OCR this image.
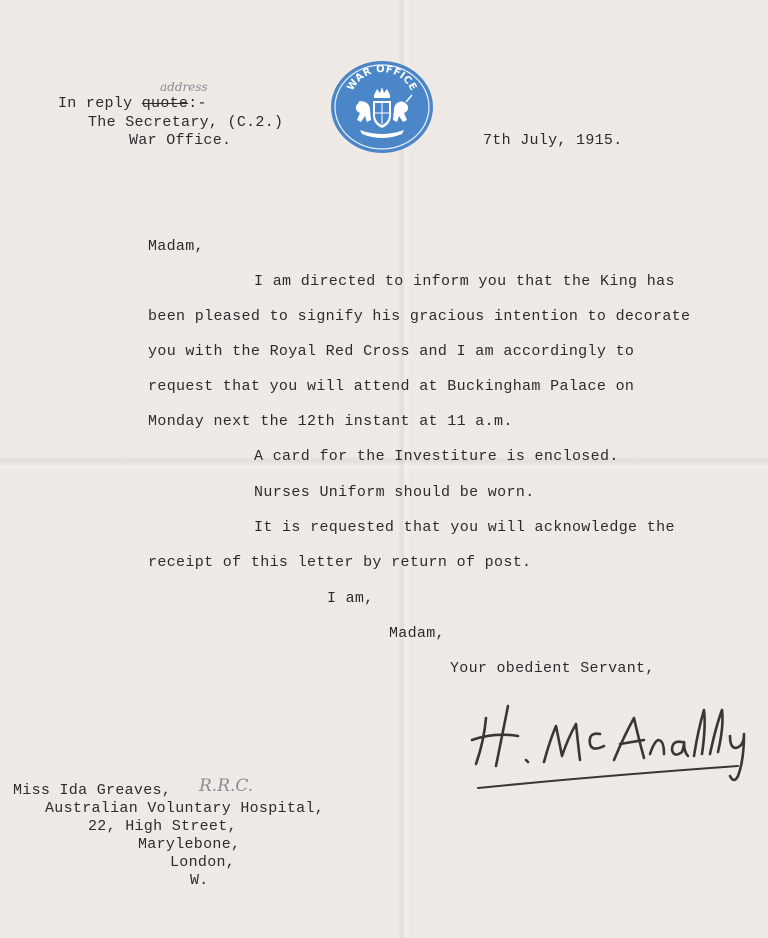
In reply quote:-
address
The Secretary, (C.2.)
War Office.
WAR OFFICE
7th July, 1915.
Madam,
I am directed to inform you that the King has
been pleased to signify his gracious intention to decorate
you with the Royal Red Cross and I am accordingly to
request that you will attend at Buckingham Palace on
Monday next the 12th instant at 11 a.m.
A card for the Investiture is enclosed.
Nurses Uniform should be worn.
It is requested that you will acknowledge the
receipt of this letter by return of post.
I am,
Madam,
Your obedient Servant,
Miss Ida Greaves, R.R.C.
Australian Voluntary Hospital,
22, High Street,
Marylebone,
London,
W.
